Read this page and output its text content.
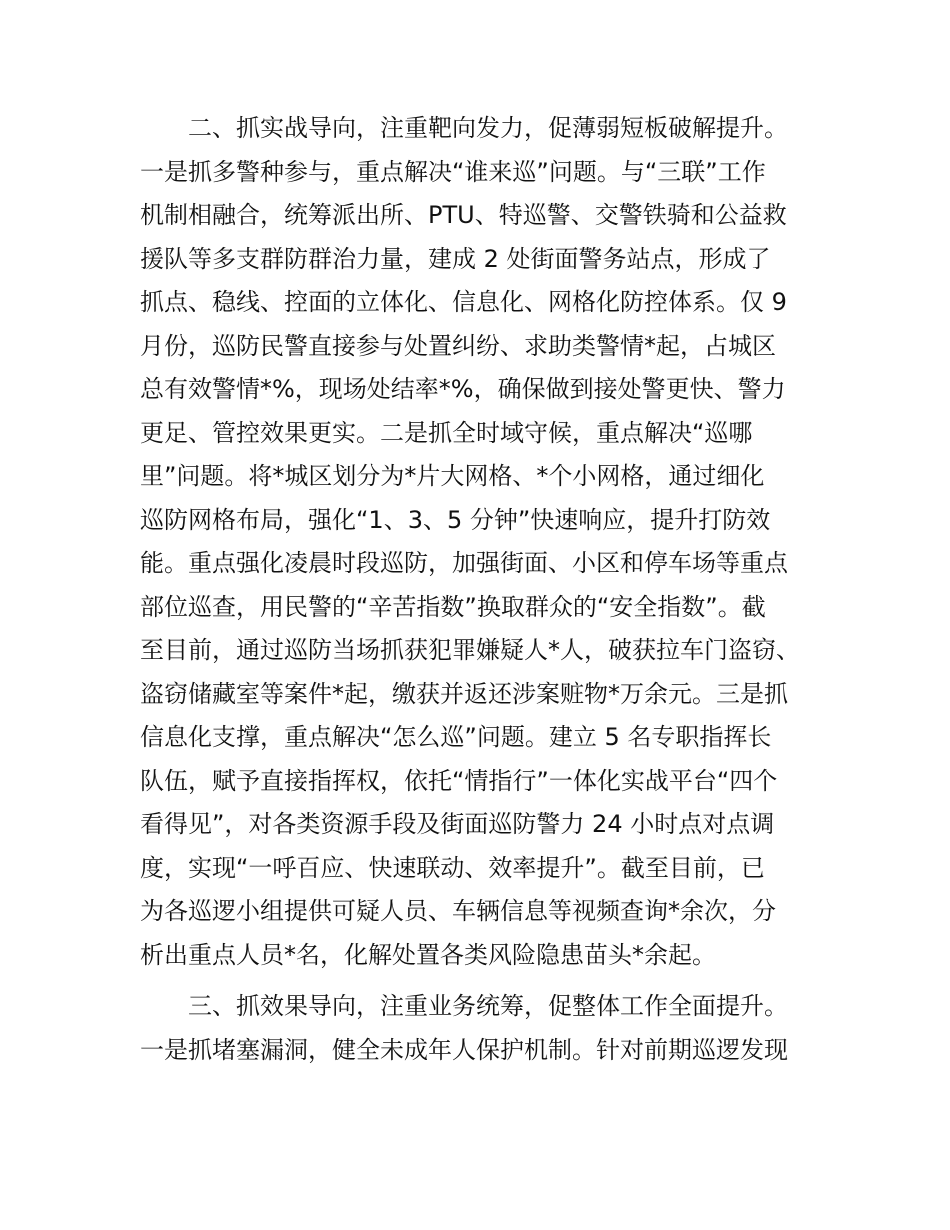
二、抓实战导向，注重靶向发力，促薄弱短板破解提升。
一是抓多警种参与，重点解决“谁来巡”问题。与“三联”工作
机制相融合，统筹派出所、PTU、特巡警、交警铁骑和公益救
援队等多支群防群治力量，建成 2 处街面警务站点，形成了
抓点、稳线、控面的立体化、信息化、网格化防控体系。仅 9
月份，巡防民警直接参与处置纠纷、求助类警情*起，占城区
总有效警情*%，现场处结率*%，确保做到接处警更快、警力
更足、管控效果更实。二是抓全时域守候，重点解决“巡哪
里”问题。将*城区划分为*片大网格、*个小网格，通过细化
巡防网格布局，强化“1、3、5 分钟”快速响应，提升打防效
能。重点强化凌晨时段巡防，加强街面、小区和停车场等重点
部位巡查，用民警的“辛苦指数”换取群众的“安全指数”。截
至目前，通过巡防当场抓获犯罪嫌疑人*人，破获拉车门盗窃、
盗窃储藏室等案件*起，缴获并返还涉案赃物*万余元。三是抓
信息化支撑，重点解决“怎么巡”问题。建立 5 名专职指挥长
队伍，赋予直接指挥权，依托“情指行”一体化实战平台“四个
看得见”，对各类资源手段及街面巡防警力 24 小时点对点调
度，实现“一呼百应、快速联动、效率提升”。截至目前，已
为各巡逻小组提供可疑人员、车辆信息等视频查询*余次，分
析出重点人员*名，化解处置各类风险隐患苗头*余起。
三、抓效果导向，注重业务统筹，促整体工作全面提升。
一是抓堵塞漏洞，健全未成年人保护机制。针对前期巡逻发现
